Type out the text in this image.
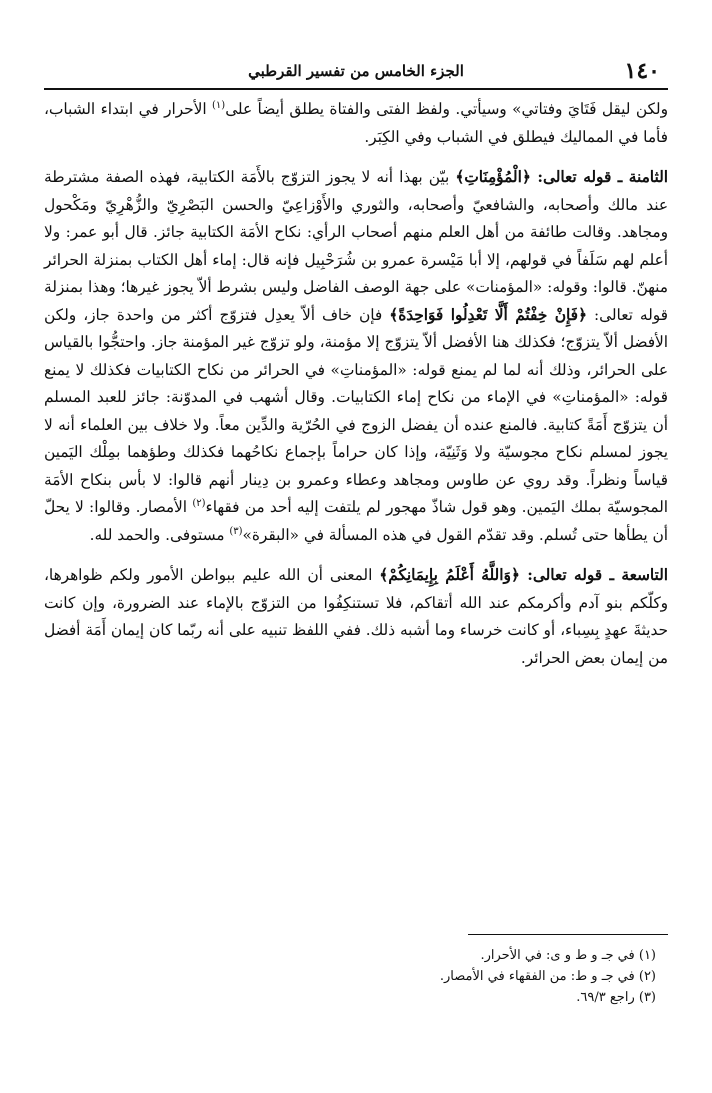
١٤٠
الجزء الخامس من تفسير القرطبي

ولكن ليقل فَتَايَ وفتاتي» وسيأتي. ولفظ الفتى والفتاة يطلق أيضاً على$^{(١)}$ الأحرار في ابتداء الشباب، فأما في المماليك فيطلق في الشباب وفي الكِبَر.

الثامنة ـ قوله تعالى: ﴿الْمُؤْمِنَاتِ﴾ بيّن بهذا أنه لا يجوز التزوّج بالأَمَة الكتابية، فهذه الصفة مشترطة عند مالك وأصحابه، والشافعيّ وأصحابه، والثوري والأَوْزاعِيّ والحسن البَصْرِيّ والزُّهْرِيّ ومَكْحول ومجاهد. وقالت طائفة من أهل العلم منهم أصحاب الرأي: نكاح الأمَة الكتابية جائز. قال أبو عمر: ولا أعلم لهم سَلَفاً في قولهم، إلا أبا مَيْسرة عمرو بن شُرَحْبِيل فإنه قال: إماء أهل الكتاب بمنزلة الحرائر منهنّ. قالوا: وقوله: «المؤمنات» على جهة الوصف الفاضل وليس بشرط ألاّ يجوز غيرها؛ وهذا بمنزلة قوله تعالى: ﴿فَإِنْ خِفْتُمْ أَلَّا تَعْدِلُوا فَوَاحِدَةً﴾ فإن خاف ألاّ يعدِل فتزوّج أكثر من واحدة جاز، ولكن الأفضل ألاّ يتزوّج؛ فكذلك هنا الأفضل ألاّ يتزوّج إلا مؤمنة، ولو تزوّج غير المؤمنة جاز. واحتجُّوا بالقياس على الحرائر، وذلك أنه لما لم يمنع قوله: «المؤمناتِ» في الحرائر من نكاح الكتابيات فكذلك لا يمنع قوله: «المؤمناتِ» في الإماء من نكاح إماء الكتابيات. وقال أشهب في المدوّنة: جائز للعبد المسلم أن يتزوّج أَمَةً كتابية. فالمنع عنده أن يفضل الزوج في الحُرّية والدِّين معاً. ولا خلاف بين العلماء أنه لا يجوز لمسلم نكاح مجوسيّة ولا وَثَنِيّة، وإذا كان حراماً بإجماع نكاحُهما فكذلك وطؤهما بمِلْك اليَمين قياساً ونظراً. وقد روي عن طاوس ومجاهد وعطاء وعمرو بن دِينار أنهم قالوا: لا بأس بنكاح الأمَة المجوسيّة بملك اليَمين. وهو قول شاذّ مهجور لم يلتفت إليه أحد من فقهاء$^{(٢)}$ الأمصار. وقالوا: لا يحلّ أن يطأها حتى تُسلم. وقد تقدّم القول في هذه المسألة في «البقرة»$^{(٣)}$ مستوفى. والحمد لله.

التاسعة ـ قوله تعالى: ﴿وَاللَّهُ أَعْلَمُ بِإِيمَانِكُمْ﴾ المعنى أن الله عليم ببواطن الأمور ولكم ظواهرها، وكلّكم بنو آدم وأكرمكم عند الله أتقاكم، فلا تستنكِفُوا من التزوّج بالإماء عند الضرورة، وإن كانت حديثةَ عهدٍ بِسِباء، أو كانت خرساء وما أشبه ذلك. ففي اللفظ تنبيه على أنه ربّما كان إيمان أَمَة أفضل من إيمان بعض الحرائر.

(١) في جـ و ط و ى: في الأحرار.
(٢) في جـ و ط: من الفقهاء في الأمصار.
(٣) راجع ٦٩/٣.
